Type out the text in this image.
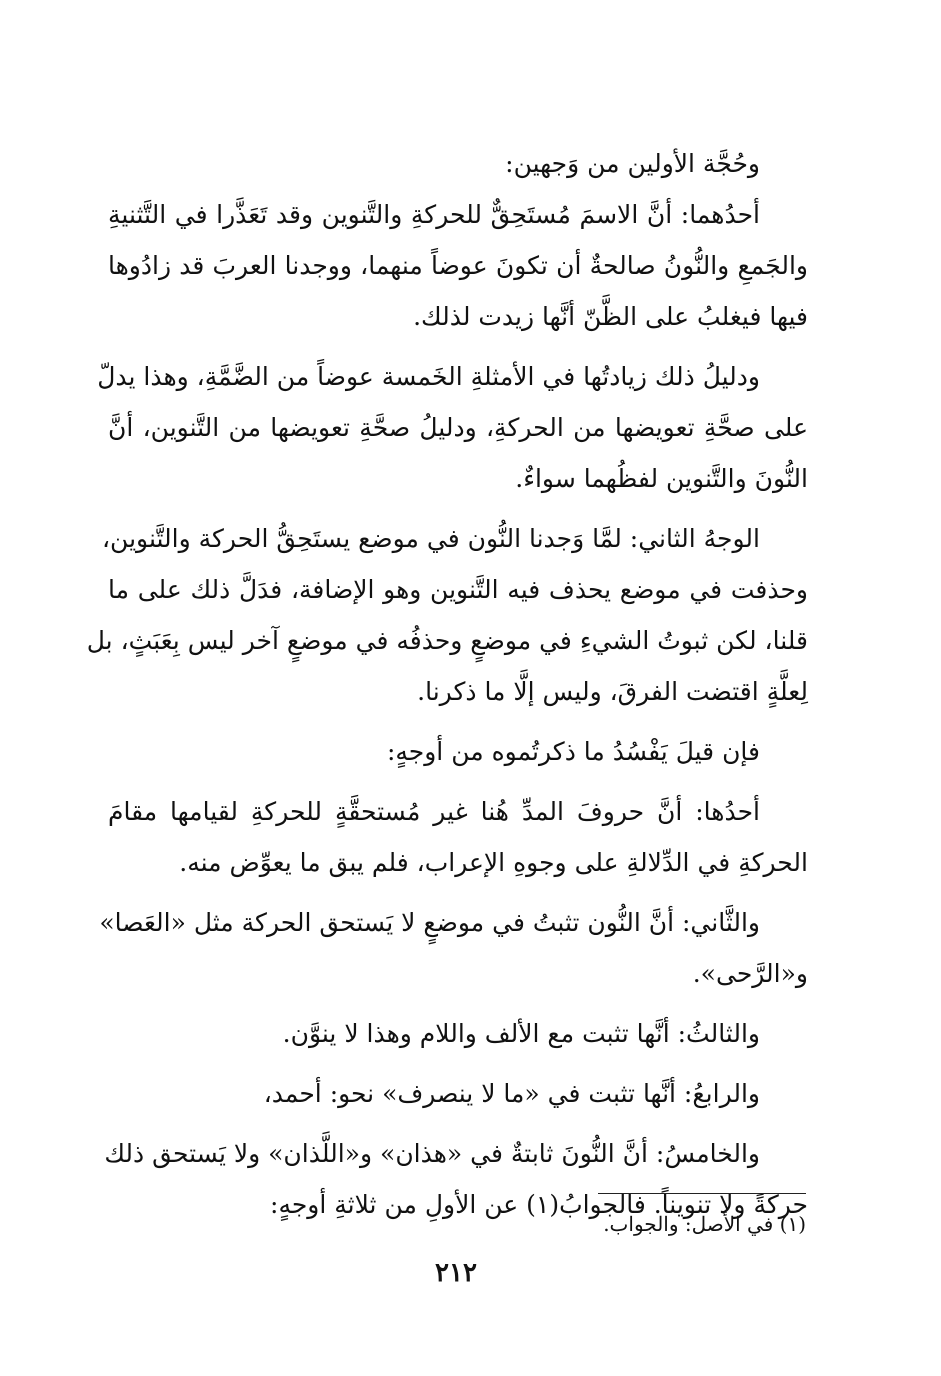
وحُجَّة الأولين من وَجهين:
أحدُهما: أنَّ الاسمَ مُستَحِقٌّ للحركةِ والتَّنوين وقد تَعَذَّرا في التَّثنيةِ
والجَمعِ والنُّونُ صالحةٌ أن تكونَ عوضاً منهما، ووجدنا العربَ قد زادُوها
فيها فيغلبُ على الظَّنّ أنَّها زيدت لذلك.
ودليلُ ذلك زيادتُها في الأمثلةِ الخَمسة عوضاً من الضَّمَّةِ، وهذا يدلّ
على صحَّةِ تعويضها من الحركةِ، ودليلُ صحَّةِ تعويضها من التَّنوين، أنَّ
النُّونَ والتَّنوين لفظُهما سواءٌ.
الوجهُ الثاني: لمَّا وَجدنا النُّون في موضع يستَحِقُّ الحركة والتَّنوين،
وحذفت في موضع يحذف فيه التَّنوين وهو الإضافة، فدَلَّ ذلك على ما
قلنا، لكن ثبوتُ الشيءِ في موضعٍ وحذفُه في موضعٍ آخر ليس بِعَبَثٍ، بل
لِعلَّةٍ اقتضت الفرقَ، وليس إلَّا ما ذكرنا.
فإن قيلَ يَفْسُدُ ما ذكرتُموه من أوجهٍ:
أحدُها: أنَّ حروفَ المدِّ هُنا غير مُستحقَّةٍ للحركةِ لقيامها مقامَ
الحركةِ في الدِّلالةِ على وجوهِ الإعراب، فلم يبق ما يعوِّض منه.
والثَّاني: أنَّ النُّون تثبتُ في موضعٍ لا يَستحق الحركة مثل «العَصا»
و«الرَّحى».
والثالثُ: أنَّها تثبت مع الألف واللام وهذا لا ينوَّن.
والرابعُ: أنَّها تثبت في «ما لا ينصرف» نحو: أحمد،
والخامسُ: أنَّ النُّونَ ثابتةٌ في «هذان» و«اللَّذان» ولا يَستحق ذلك
حركةً ولا تنويناً. فالجوابُ(١) عن الأولِ من ثلاثةِ أوجهٍ:
(١) في الأصل: والجواب.
٢١٢
